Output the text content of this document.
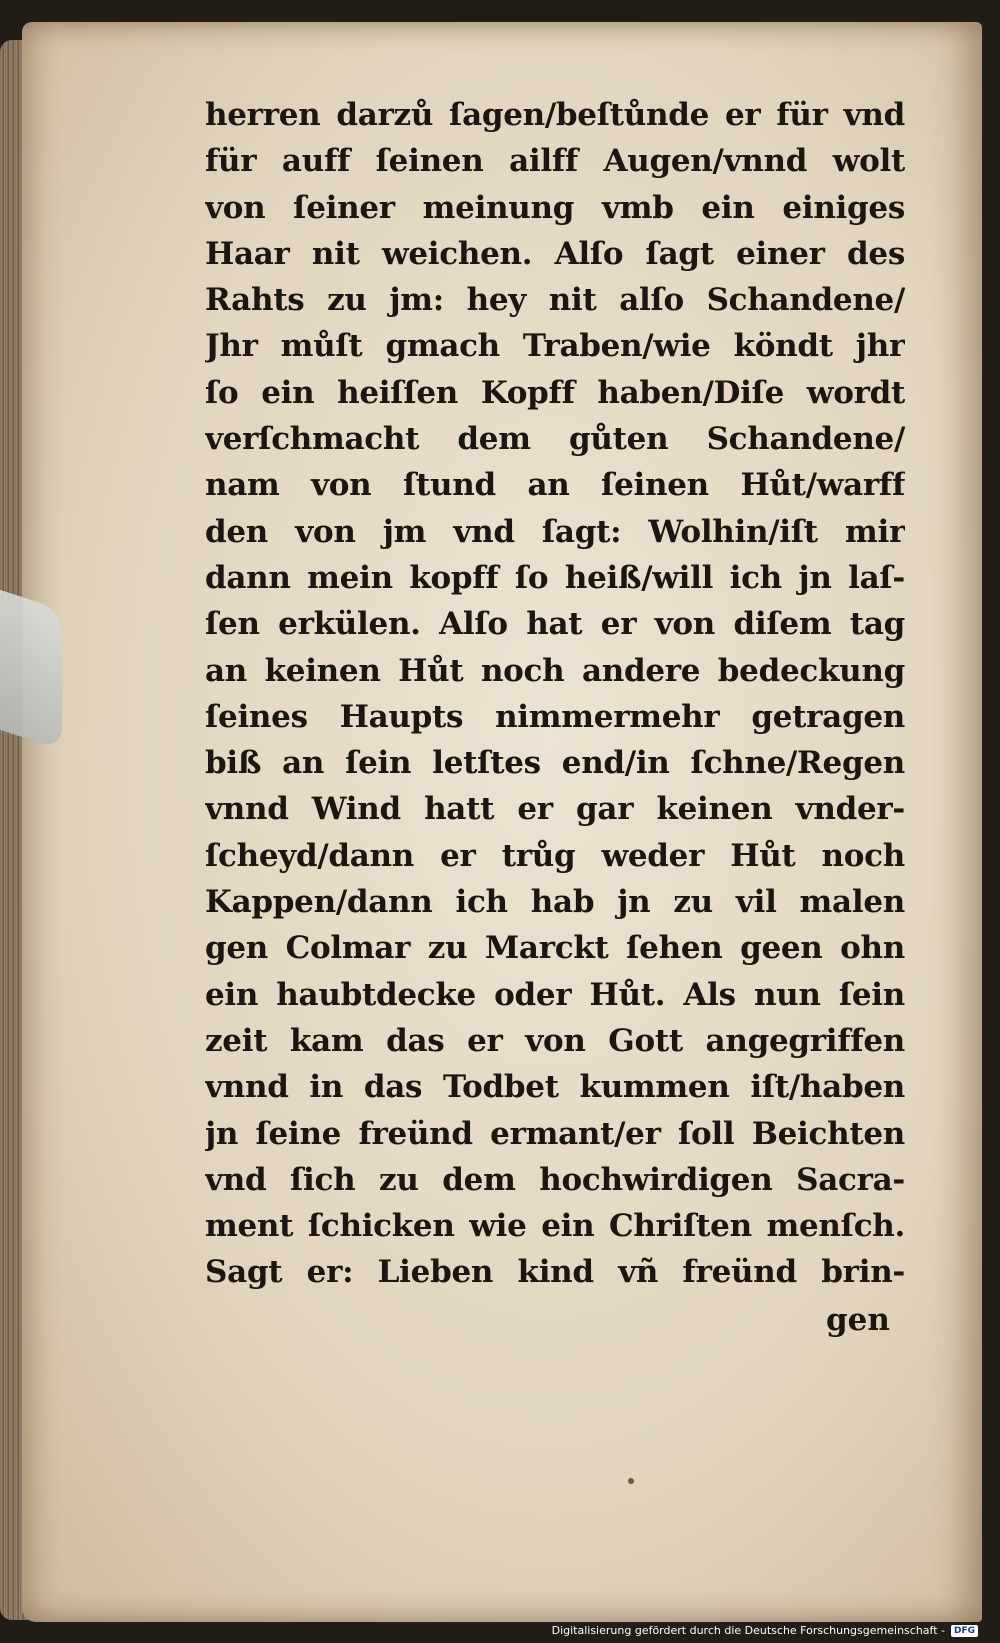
herren darzů ſagen/beſtůnde er für vnd
für auff ſeinen ailff Augen/vnnd wolt
von ſeiner meinung vmb ein einiges
Haar nit weichen. Alſo ſagt einer des
Rahts zu jm: hey nit alſo Schandene/
Jhr můſt gmach Traben/wie köndt jhr
ſo ein heiſſen Kopff haben/Diſe wordt
verſchmacht dem gůten Schandene/
nam von ſtund an ſeinen Hůt/warff
den von jm vnd ſagt: Wolhin/iſt mir
dann mein kopff ſo heiß/will ich jn laſ-
ſen erkülen. Alſo hat er von diſem tag
an keinen Hůt noch andere bedeckung
ſeines Haupts nimmermehr getragen
biß an ſein letſtes end/in ſchne/Regen
vnnd Wind hatt er gar keinen vnder-
ſcheyd/dann er trůg weder Hůt noch
Kappen/dann ich hab jn zu vil malen
gen Colmar zu Marckt ſehen geen ohn
ein haubtdecke oder Hůt. Als nun ſein
zeit kam das er von Gott angegriffen
vnnd in das Todbet kummen iſt/haben
jn ſeine freünd ermant/er ſoll Beichten
vnd ſich zu dem hochwirdigen Sacra-
ment ſchicken wie ein Chriſten menſch.
Sagt er: Lieben kind vñ freünd brin-
gen
Digitalisierung gefördert durch die Deutsche Forschungsgemeinschaft -	DFG
